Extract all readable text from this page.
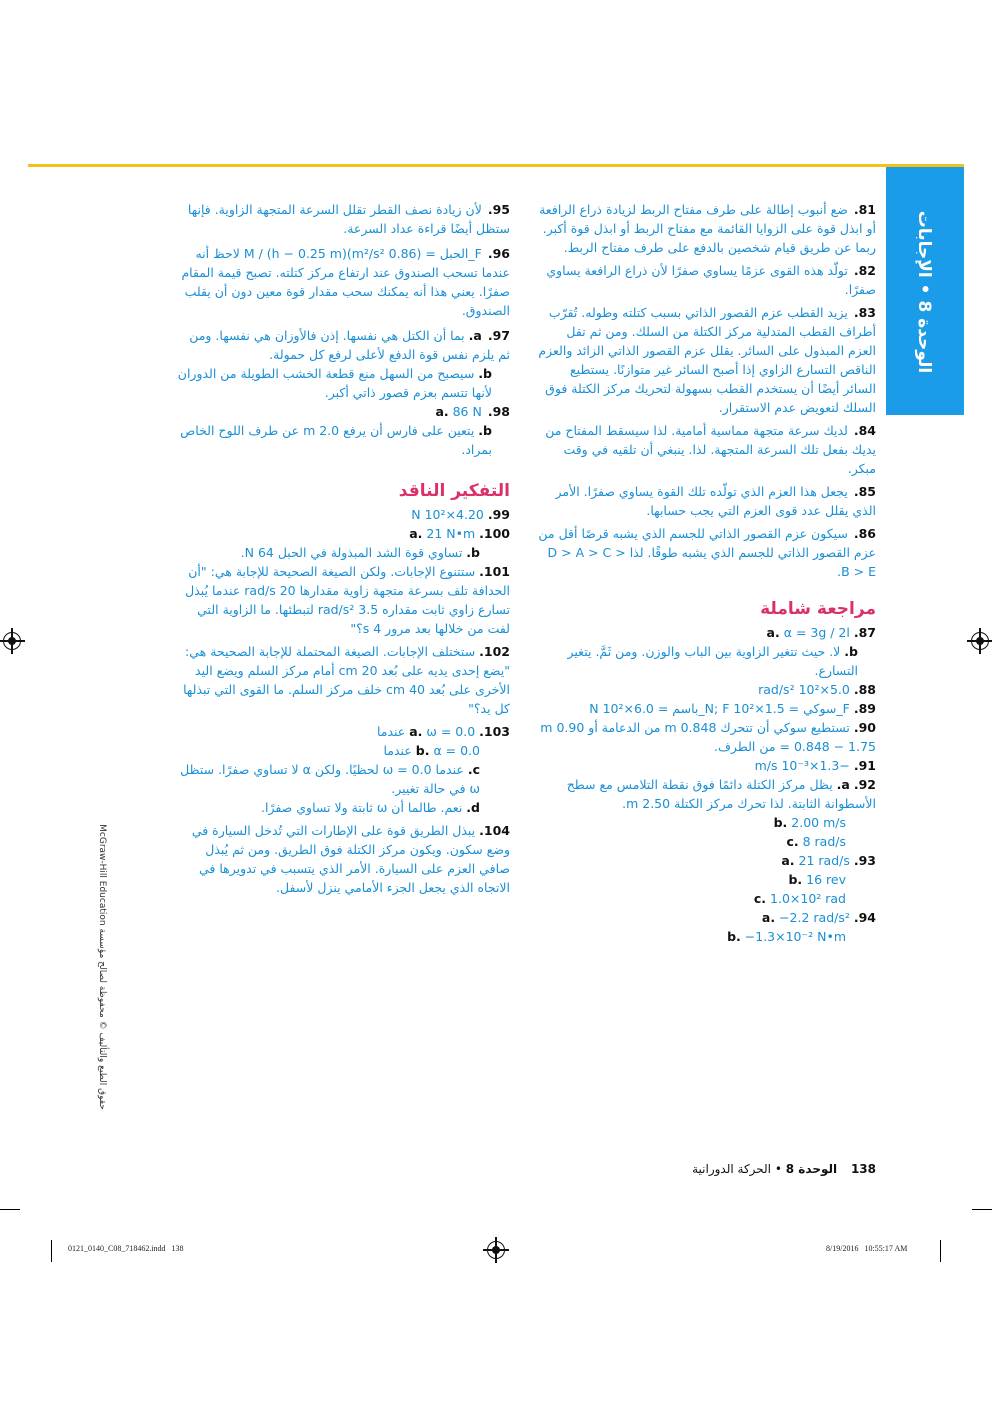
الوحدة 8 • الإجابات
81.ضع أنبوب إطالة على طرف مفتاح الربط لزيادة ذراع الرافعة أو ابذل قوة على الزوايا القائمة مع مفتاح الربط أو ابذل قوة أكبر. ربما عن طريق قيام شخصين بالدفع على طرف مفتاح الربط.
82.تولّد هذه القوى عزمًا يساوي صفرًا لأن ذراع الرافعة يساوي صفرًا.
83.يزيد القطب عزم القصور الذاتي بسبب كتلته وطوله. تُقرّب أطراف القطب المتدلية مركز الكتلة من السلك. ومن ثم تقل العزم المبذول على السائر. يقلل عزم القصور الذاتي الزائد والعزم الناقص التسارع الزاوي إذا أصبح السائر غير متوازنًا. يستطيع السائر أيضًا أن يستخدم القطب بسهولة لتحريك مركز الكتلة فوق السلك لتعويض عدم الاستقرار.
84.لديك سرعة متجهة مماسية أمامية. لذا سيسقط المفتاح من يديك بفعل تلك السرعة المتجهة. لذا. ينبغي أن تلقيه في وقت مبكر.
85.يجعل هذا العزم الذي تولّده تلك القوة يساوي صفرًا. الأمر الذي يقلل عدد قوى العزم التي يجب حسابها.
86.سيكون عزم القصور الذاتي للجسم الذي يشبه قرصًا أقل من عزم القصور الذاتي للجسم الذي يشبه طوقًا. لذا D > A > C > B > E.
مراجعة شاملة
87. a. α = 3g / 2l
b. لا. حيث تتغير الزاوية بين الباب والوزن. ومن ثَمَّ. يتغير التسارع.
88. 5.0×10² rad/s²
89. F_سوکي = 1.5×10² N; F_باسم = 6.0×10² N
90. تستطيع سوكي أن تتحرك 0.848 m من الدعامة أو 0.90 m = 0.848 − 1.75 من الطرف.
91. −1.3×10⁻³ m/s
92. a. يظل مركز الكتلة دائمًا فوق نقطة التلامس مع سطح الأسطوانة الثابتة. لذا تحرك مركز الكتلة 2.50 m.
b. 2.00 m/s
c. 8 rad/s
93. a. 21 rad/s
b. 16 rev
c. 1.0×10² rad
94. a. −2.2 rad/s²
b. −1.3×10⁻² N•m
95.لأن زيادة نصف القطر تقلل السرعة المتجهة الزاوية. فإنها ستظل أيضًا قراءة عداد السرعة.
96.F_الحبل = (0.86 m²/s²)M / (h − 0.25 m) لاحظ أنه عندما تسحب الصندوق عند ارتفاع مركز كتلته. تصبح قيمة المقام صفرًا. يعني هذا أنه يمكنك سحب مقدار قوة معين دون أن يقلب الصندوق.
97.a. بما أن الكتل هي نفسها. إذن فالأوزان هي نفسها. ومن ثم يلزم نفس قوة الدفع لأعلى لرفع كل حمولة.
b. سيصبح من السهل منع قطعة الخشب الطويلة من الدوران لأنها تتسم بعزم قصور ذاتي أكبر.
98.a. 86 N
b. يتعين على فارس أن يرفع 2.0 m عن طرف اللوح الخاص بمراد.
التفكير الناقد
99. 4.20×10² N
100. a. 21 N•m
b. تساوي قوة الشد المبذولة في الحبل 64 N.
101. ستتنوع الإجابات. ولكن الصيغة الصحيحة للإجابة هي: "أن الحدافة تلف بسرعة متجهة زاوية مقدارها 20 rad/s عندما يُبذل تسارع زاوي ثابت مقداره 3.5 rad/s² لتبطئها. ما الزاوية التي لفت من خلالها بعد مرور 4 s؟"
102. ستختلف الإجابات. الصيغة المحتملة للإجابة الصحيحة هي: "يضع إحدى يديه على بُعد 20 cm أمام مركز السلم ويضع اليد الأخرى على بُعد 40 cm خلف مركز السلم. ما القوى التي تبذلها كل يد؟"
103. a. ω = 0.0 عندما
b. α = 0.0 عندما
c. عندما ω = 0.0 لحظيًا. ولكن α لا تساوي صفرًا. ستظل ω في حالة تغيير.
d. نعم. طالما أن ω ثابتة ولا تساوي صفرًا.
104. يبذل الطريق قوة على الإطارات التي تُدخل السيارة في وضع سكون. ويكون مركز الكتلة فوق الطريق. ومن ثم يُبذل صافي العزم على السيارة. الأمر الذي يتسبب في تدويرها في الاتجاه الذي يجعل الجزء الأمامي ينزل لأسفل.
حقوق الطبع والتأليف © محفوظة لصالح مؤسسة McGraw-Hill Education
138 الوحدة 8 • الحركة الدورانية
0121_0140_C08_718462.indd   138	8/19/2016   10:55:17 AM
